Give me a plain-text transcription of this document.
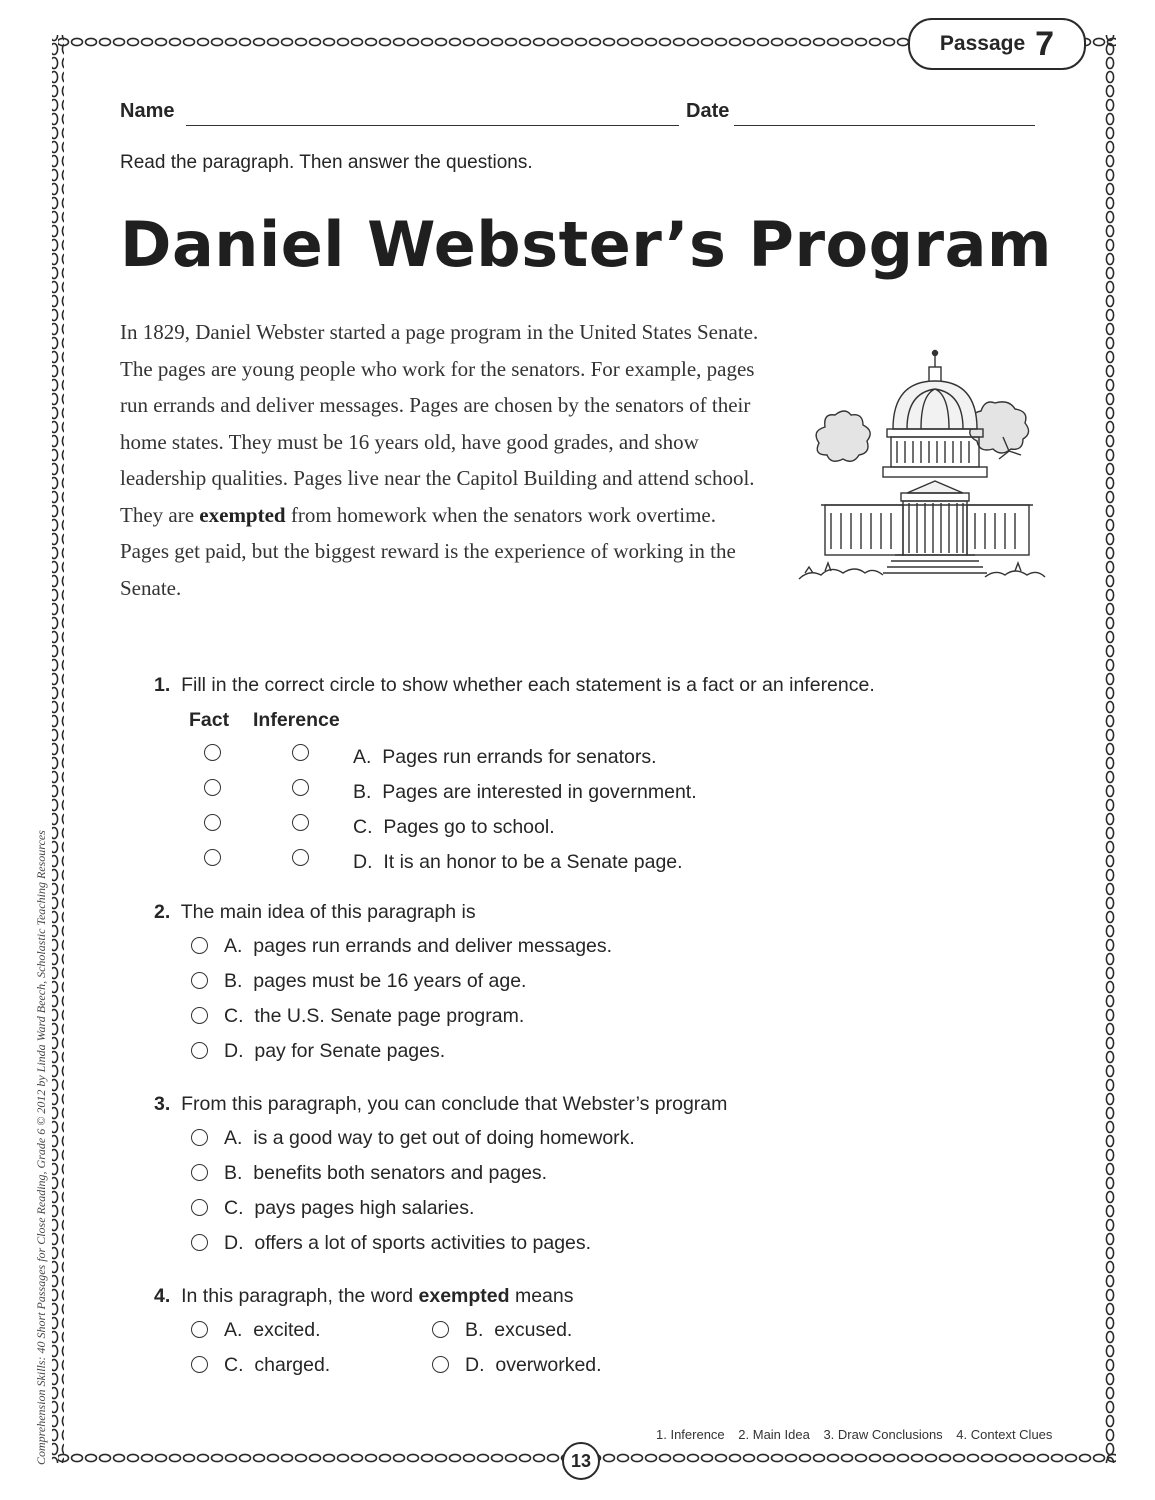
Passage 7
Name	Date
Read the paragraph. Then answer the questions.
Daniel Webster’s Program
In 1829, Daniel Webster started a page program in the United States Senate. The pages are young people who work for the senators. For example, pages run errands and deliver messages. Pages are chosen by the senators of their home states. They must be 16 years old, have good grades, and show leadership qualities. Pages live near the Capitol Building and attend school. They are exempted from homework when the senators work overtime. Pages get paid, but the biggest reward is the experience of working in the Senate.
1. Fill in the correct circle to show whether each statement is a fact or an inference.
Fact Inference
A. Pages run errands for senators.
B. Pages are interested in government.
C. Pages go to school.
D. It is an honor to be a Senate page.
2. The main idea of this paragraph is
A. pages run errands and deliver messages.
B. pages must be 16 years of age.
C. the U.S. Senate page program.
D. pay for Senate pages.
3. From this paragraph, you can conclude that Webster’s program
A. is a good way to get out of doing homework.
B. benefits both senators and pages.
C. pays pages high salaries.
D. offers a lot of sports activities to pages.
4. In this paragraph, the word exempted means
A. excited.	B. excused.
C. charged.	D. overworked.
1. Inference 2. Main Idea 3. Draw Conclusions 4. Context Clues
13
Comprehension Skills: 40 Short Passages for Close Reading, Grade 6 © 2012 by Linda Ward Beech, Scholastic Teaching Resources
